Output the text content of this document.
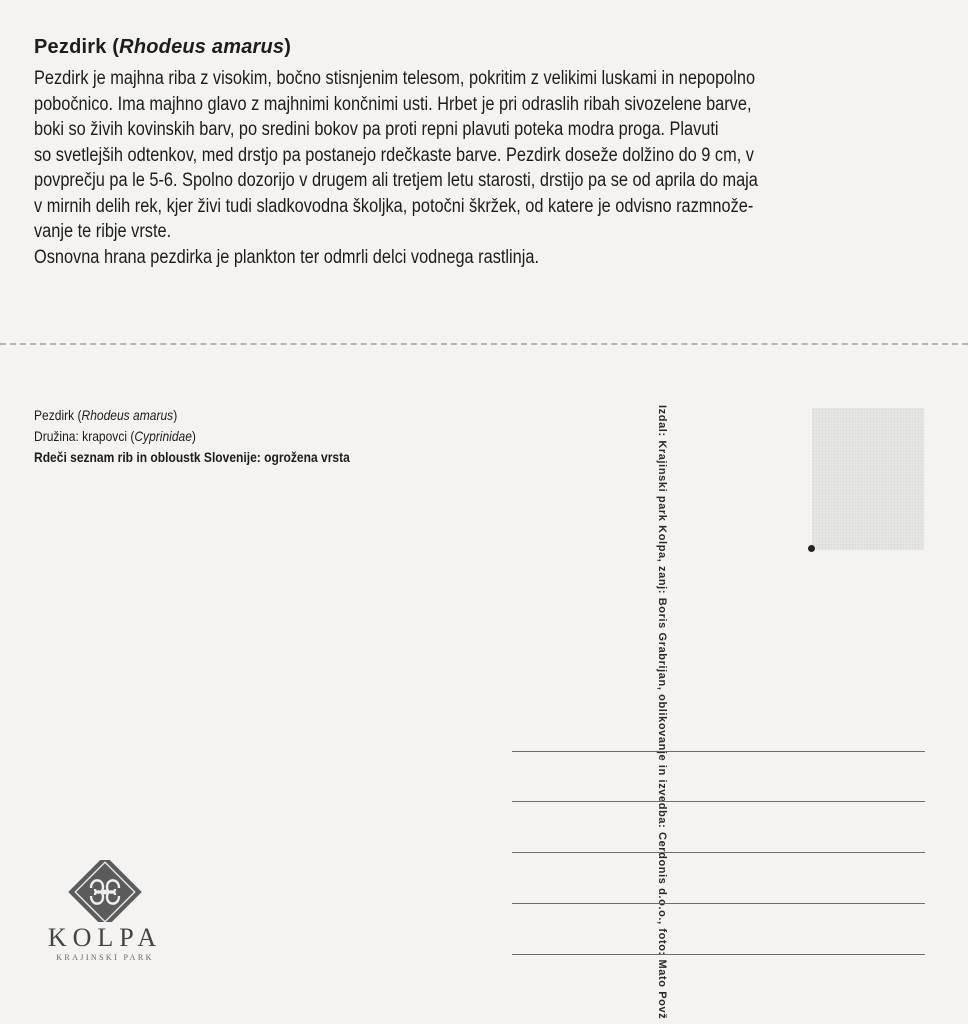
Pezdirk (Rhodeus amarus)

Pezdirk je majhna riba z visokim, bočno stisnjenim telesom, pokritim z velikimi luskami in nepopolno

pobočnico. Ima majhno glavo z majhnimi končnimi usti. Hrbet je pri odraslih ribah sivozelene barve,

boki so živih kovinskih barv, po sredini bokov pa proti repni plavuti poteka modra proga. Plavuti

so svetlejših odtenkov, med drstjo pa postanejo rdečkaste barve. Pezdirk doseže dolžino do 9 cm, v

povprečju pa le 5-6. Spolno dozorijo v drugem ali tretjem letu starosti, drstijo pa se od aprila do maja

v mirnih delih rek, kjer živi tudi sladkovodna školjka, potočni škržek, od katere je odvisno razmnože-

vanje te ribje vrste.

Osnovna hrana pezdirka je plankton ter odmrli delci vodnega rastlinja.

Pezdirk (Rhodeus amarus)
Družina: krapovci (Cyprinidae)
Rdeči seznam rib in obloustk Slovenije: ogrožena vrsta	Izdal: Krajinski park Kolpa, zanj: Boris Grabrijan, oblikovanje in izvedba: Cerdonis d.o.o., foto: Mato Povž
KOLPA
KRAJINSKI PARK
